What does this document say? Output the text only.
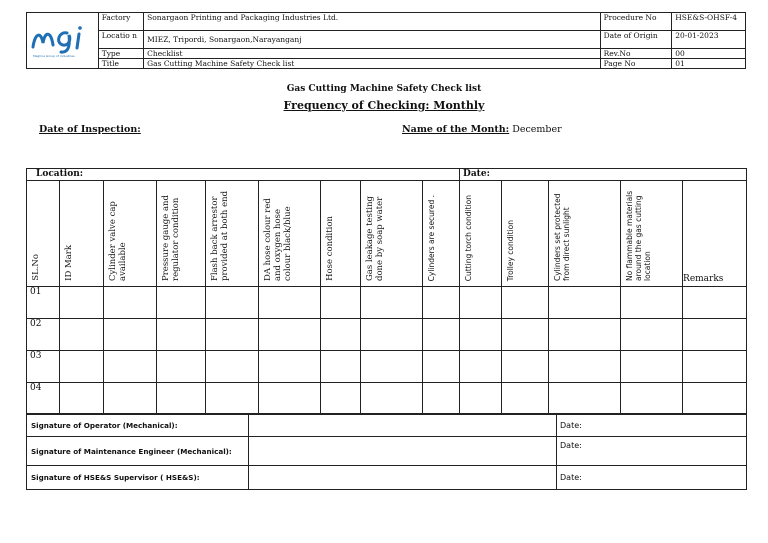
Meghna Group of Industries	Factory	Sonargaon Printing and Packaging Industries Ltd.	Procedure No	HSE&S-OHSF-4
	Locatio n	MIEZ, Tripordi, Sonargaon,Narayanganj	Date of Origin	20-01-2023
	Type	Checklist	Rev.No	00
	Title	Gas Cutting Machine Safety Check list	Page No	01
Gas Cutting Machine Safety Check list
Frequency of Checking: Monthly
Date of Inspection:	Name of the Month: December
Location:									Date:				
SL.No	ID Mark	Cylinder valve cap available	Pressure gauge and regulator condition	Flash back arrestor provided at both end	DA hose colour red and oxygen hose colour black/blue	Hose condition	Gas leakage testing done by soap water	Cylinders are secured .	Cutting torch condition	Trolley condition	Cylinders set protected from direct sunlight	No flammable materials around the gas cutting location	Remarks
01													
02													
03													
04													
Signature of Operator (Mechanical):		Date:
Signature of Maintenance Engineer (Mechanical):		Date:
Signature of HSE&S Supervisor ( HSE&S):		Date:
